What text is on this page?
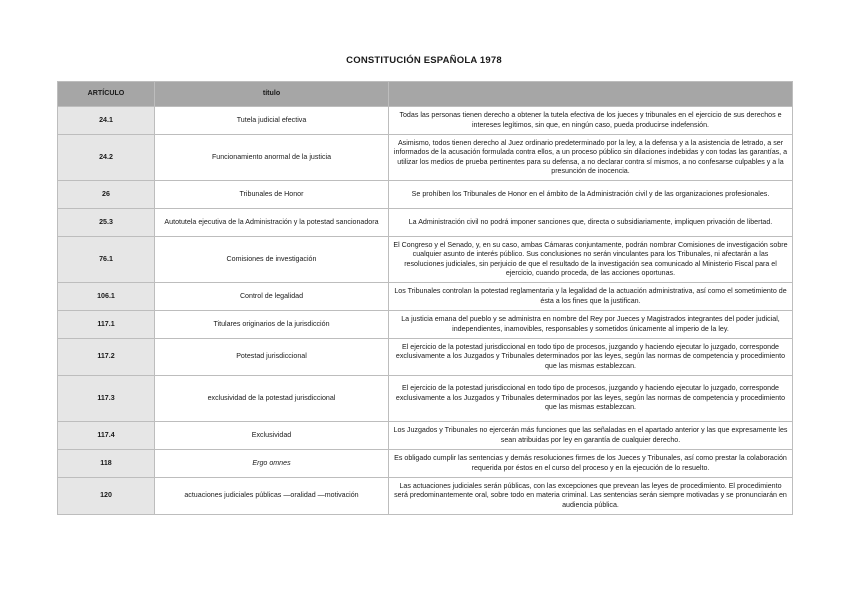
CONSTITUCIÓN ESPAÑOLA 1978
ARTÍCULO	título	
24.1	Tutela judicial efectiva	Todas las personas tienen derecho a obtener la tutela efectiva de los jueces y tribunales en el ejercicio de sus derechos e intereses legítimos, sin que, en ningún caso, pueda producirse indefensión.
24.2	Funcionamiento anormal de la justicia	Asimismo, todos tienen derecho al Juez ordinario predeterminado por la ley, a la defensa y a la asistencia de letrado, a ser informados de la acusación formulada contra ellos, a un proceso público sin dilaciones indebidas y con todas las garantías, a utilizar los medios de prueba pertinentes para su defensa, a no declarar contra sí mismos, a no confesarse culpables y a la presunción de inocencia.
26	Tribunales de Honor	Se prohíben los Tribunales de Honor en el ámbito de la Administración civil y de las organizaciones profesionales.
25.3	Autotutela ejecutiva de la Administración y la potestad sancionadora	La Administración civil no podrá imponer sanciones que, directa o subsidiariamente, impliquen privación de libertad.
76.1	Comisiones de investigación	El Congreso y el Senado, y, en su caso, ambas Cámaras conjuntamente, podrán nombrar Comisiones de investigación sobre cualquier asunto de interés público. Sus conclusiones no serán vinculantes para los Tribunales, ni afectarán a las resoluciones judiciales, sin perjuicio de que el resultado de la investigación sea comunicado al Ministerio Fiscal para el ejercicio, cuando proceda, de las acciones oportunas.
106.1	Control de legalidad	Los Tribunales controlan la potestad reglamentaria y la legalidad de la actuación administrativa, así como el sometimiento de ésta a los fines que la justifican.
117.1	Titulares originarios de la jurisdicción	La justicia emana del pueblo y se administra en nombre del Rey por Jueces y Magistrados integrantes del poder judicial, independientes, inamovibles, responsables y sometidos únicamente al imperio de la ley.
117.2	Potestad jurisdiccional	El ejercicio de la potestad jurisdiccional en todo tipo de procesos, juzgando y haciendo ejecutar lo juzgado, corresponde exclusivamente a los Juzgados y Tribunales determinados por las leyes, según las normas de competencia y procedimiento que las mismas establezcan.
117.3	exclusividad de la potestad jurisdiccional	El ejercicio de la potestad jurisdiccional en todo tipo de procesos, juzgando y haciendo ejecutar lo juzgado, corresponde exclusivamente a los Juzgados y Tribunales determinados por las leyes, según las normas de competencia y procedimiento que las mismas establezcan.
117.4	Exclusividad	Los Juzgados y Tribunales no ejercerán más funciones que las señaladas en el apartado anterior y las que expresamente les sean atribuidas por ley en garantía de cualquier derecho.
118	Ergo omnes	Es obligado cumplir las sentencias y demás resoluciones firmes de los Jueces y Tribunales, así como prestar la colaboración requerida por éstos en el curso del proceso y en la ejecución de lo resuelto.
120	actuaciones judiciales públicas —oralidad —motivación	Las actuaciones judiciales serán públicas, con las excepciones que prevean las leyes de procedimiento. El procedimiento será predominantemente oral, sobre todo en materia criminal. Las sentencias serán siempre motivadas y se pronunciarán en audiencia pública.
